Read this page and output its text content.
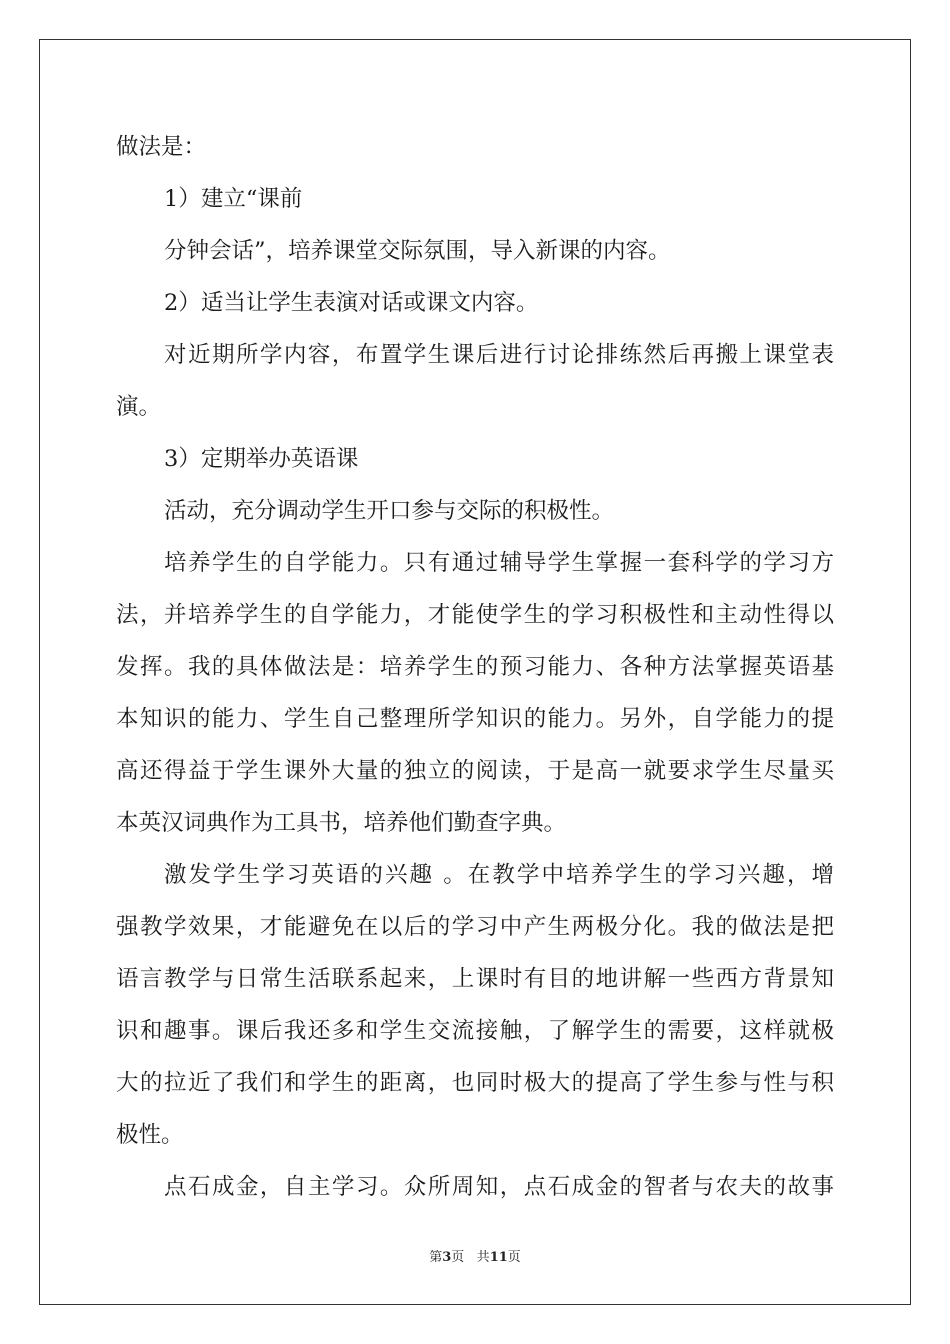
做法是：
1）建立“课前
分钟会话”，培养课堂交际氛围，导入新课的内容。
2）适当让学生表演对话或课文内容。
对近期所学内容，布置学生课后进行讨论排练然后再搬上课堂表
演。
3）定期举办英语课
活动，充分调动学生开口参与交际的积极性。
培养学生的自学能力。只有通过辅导学生掌握一套科学的学习方
法，并培养学生的自学能力，才能使学生的学习积极性和主动性得以
发挥。我的具体做法是：培养学生的预习能力、各种方法掌握英语基
本知识的能力、学生自己整理所学知识的能力。另外，自学能力的提
高还得益于学生课外大量的独立的阅读，于是高一就要求学生尽量买
本英汉词典作为工具书，培养他们勤查字典。
激发学生学习英语的兴趣 。在教学中培养学生的学习兴趣，增
强教学效果，才能避免在以后的学习中产生两极分化。我的做法是把
语言教学与日常生活联系起来，上课时有目的地讲解一些西方背景知
识和趣事。课后我还多和学生交流接触，了解学生的需要，这样就极
大的拉近了我们和学生的距离，也同时极大的提高了学生参与性与积
极性。
点石成金，自主学习。众所周知，点石成金的智者与农夫的故事
第3页 共11页
